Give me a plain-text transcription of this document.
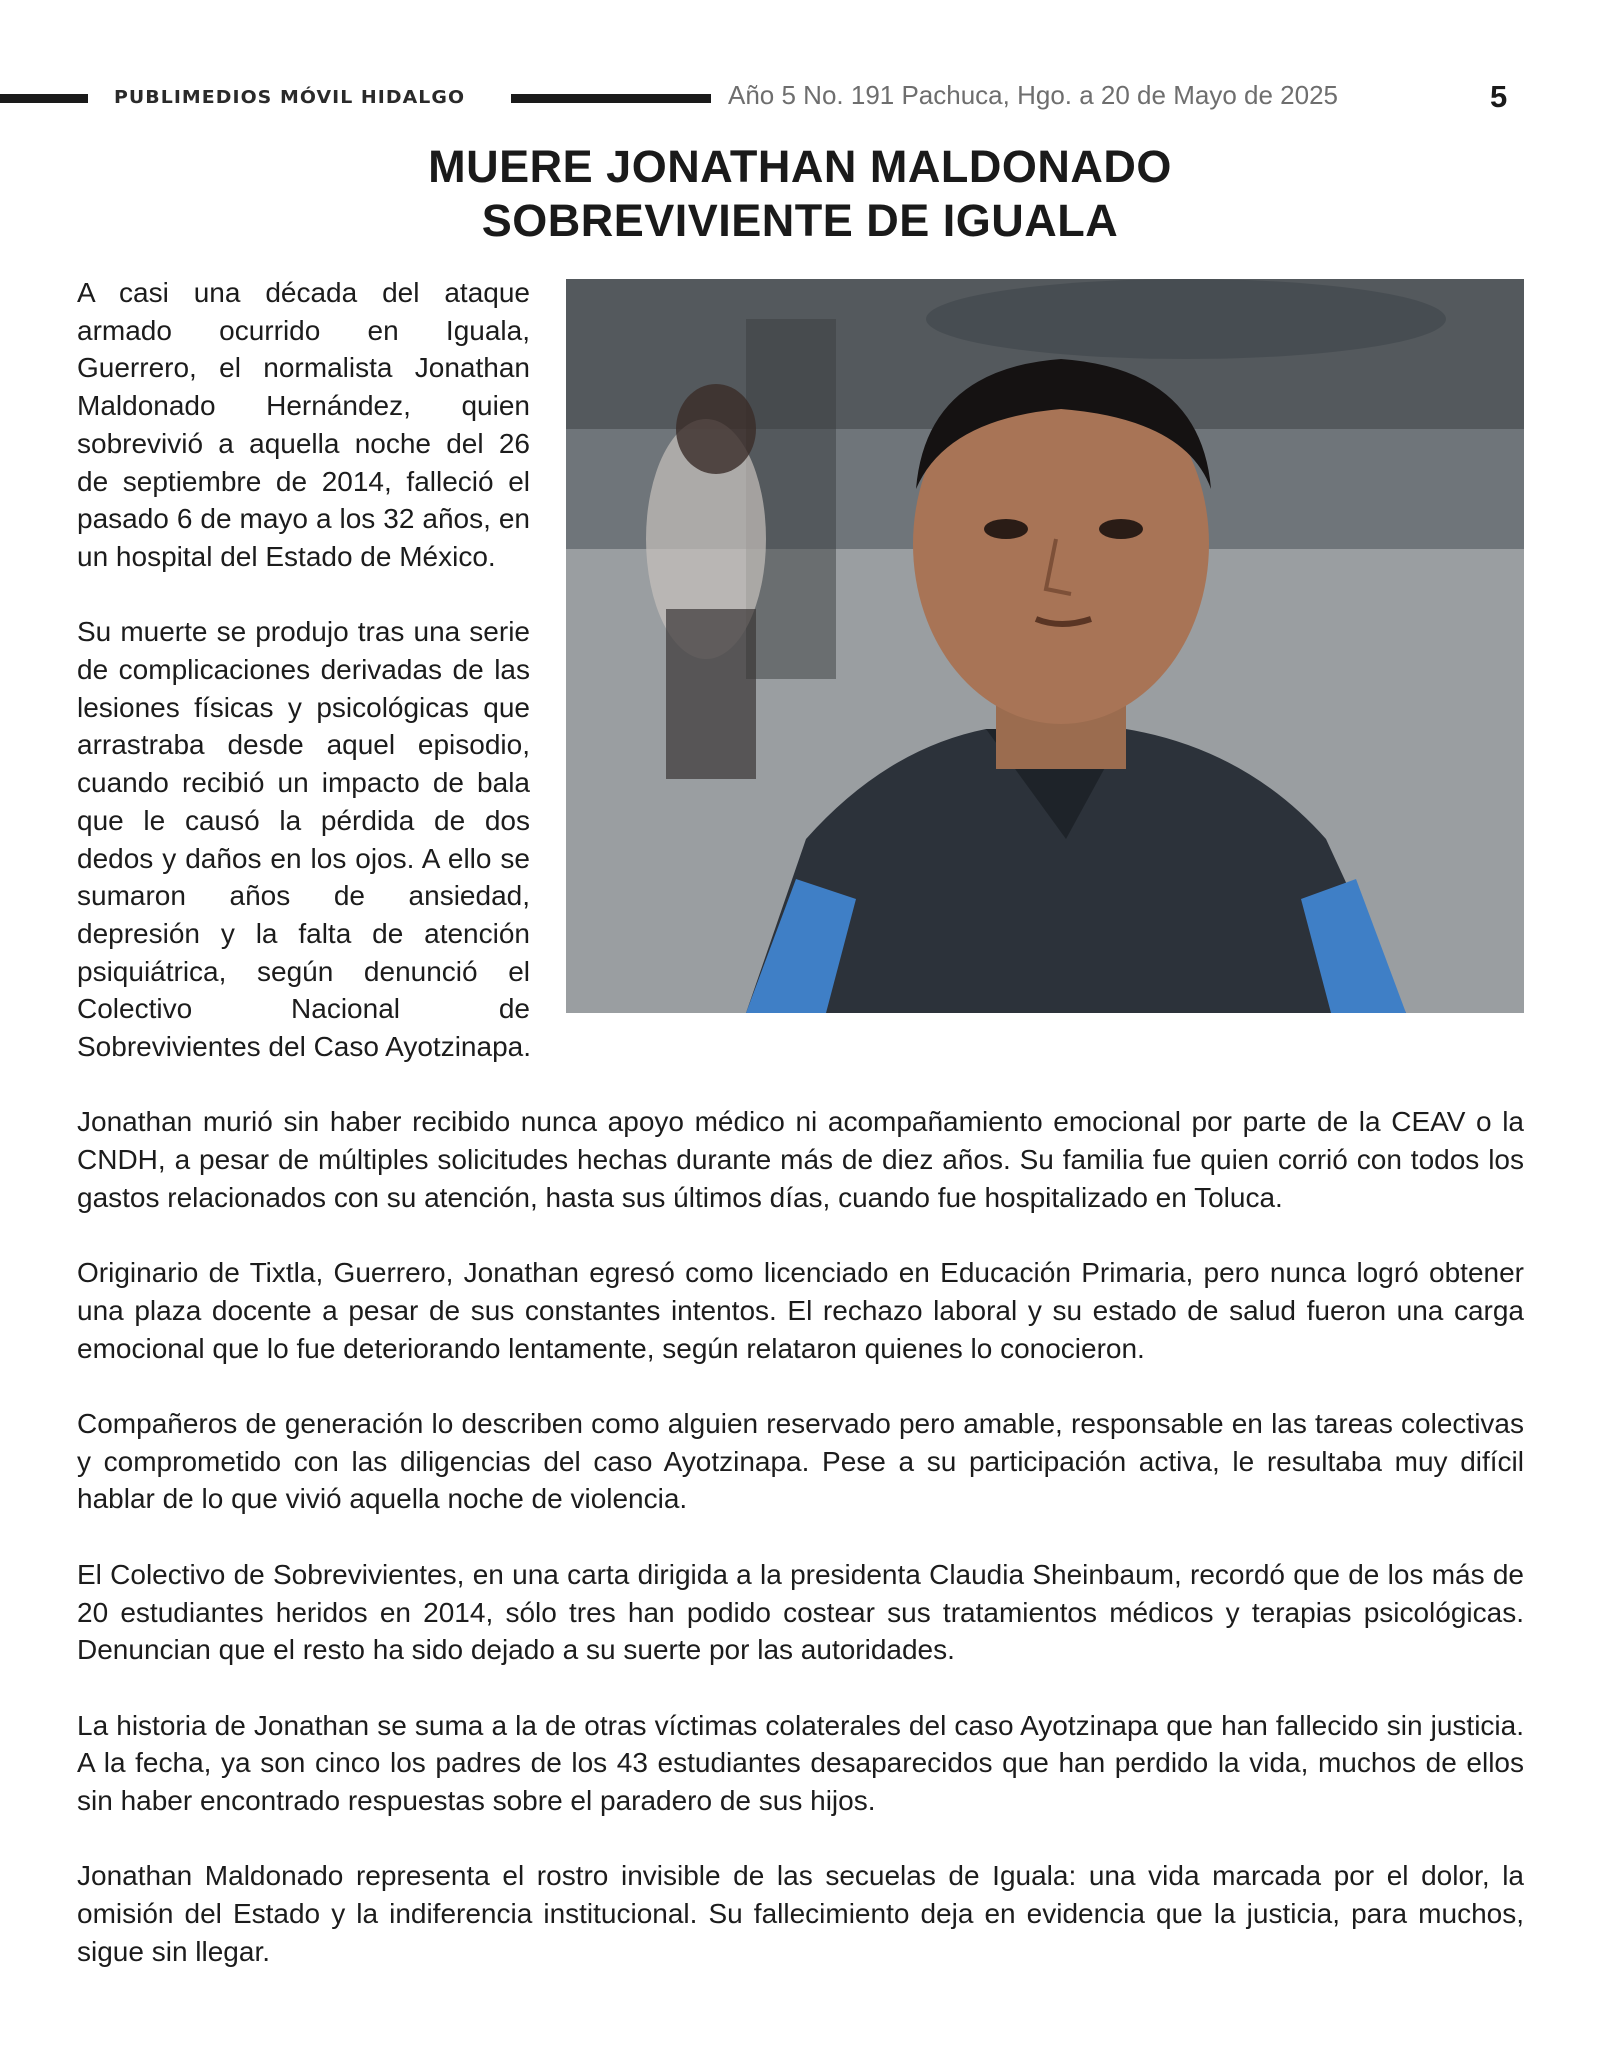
PUBLIMEDIOS MÓVIL HIDALGO	Año 5 No. 191 Pachuca, Hgo. a 20 de Mayo de 2025	5
MUERE JONATHAN MALDONADO
SOBREVIVIENTE DE IGUALA

A casi una década del ataque armado ocurrido en Iguala, Guerrero, el normalista Jonathan Maldonado Hernández, quien sobrevivió a aquella noche del 26 de septiembre de 2014, falleció el pasado 6 de mayo a los 32 años, en un hospital del Estado de México.

Su muerte se produjo tras una serie de complicaciones derivadas de las lesiones físicas y psicológicas que arrastraba desde aquel episodio, cuando recibió un impacto de bala que le causó la pérdida de dos dedos y daños en los ojos. A ello se sumaron años de ansiedad, depresión y la falta de atención psiquiátrica, según denunció el Colectivo Nacional de Sobrevivientes del Caso Ayotzinapa.

Jonathan murió sin haber recibido nunca apoyo médico ni acompañamiento emocional por parte de la CEAV o la CNDH, a pesar de múltiples solicitudes hechas durante más de diez años. Su familia fue quien corrió con todos los gastos relacionados con su atención, hasta sus últimos días, cuando fue hospitalizado en Toluca.

Originario de Tixtla, Guerrero, Jonathan egresó como licenciado en Educación Primaria, pero nunca logró obtener una plaza docente a pesar de sus constantes intentos. El rechazo laboral y su estado de salud fueron una carga emocional que lo fue deteriorando lentamente, según relataron quienes lo conocieron.

Compañeros de generación lo describen como alguien reservado pero amable, responsable en las tareas colectivas y comprometido con las diligencias del caso Ayotzinapa. Pese a su participación activa, le resultaba muy difícil hablar de lo que vivió aquella noche de violencia.

El Colectivo de Sobrevivientes, en una carta dirigida a la presidenta Claudia Sheinbaum, recordó que de los más de 20 estudiantes heridos en 2014, sólo tres han podido costear sus tratamientos médicos y terapias psicológicas. Denuncian que el resto ha sido dejado a su suerte por las autoridades.

La historia de Jonathan se suma a la de otras víctimas colaterales del caso Ayotzinapa que han fallecido sin justicia. A la fecha, ya son cinco los padres de los 43 estudiantes desaparecidos que han perdido la vida, muchos de ellos sin haber encontrado respuestas sobre el paradero de sus hijos.

Jonathan Maldonado representa el rostro invisible de las secuelas de Iguala: una vida marcada por el dolor, la omisión del Estado y la indiferencia institucional. Su fallecimiento deja en evidencia que la justicia, para muchos, sigue sin llegar.
